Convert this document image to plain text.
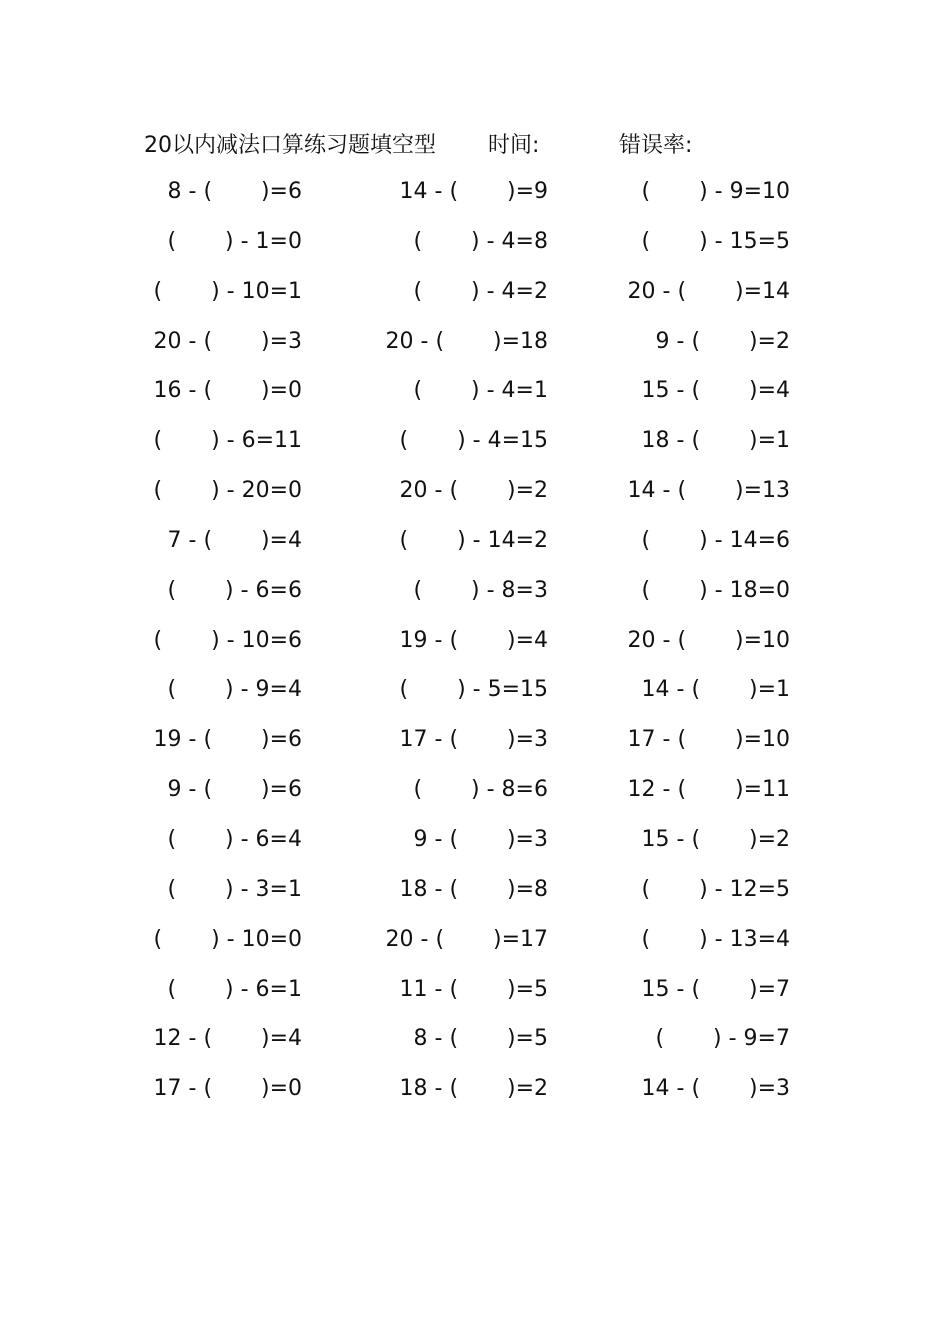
20以内减法口算练习题填空型 时间:	错误率:
8 - (       )=6	14 - (       )=9	(       ) - 9=10
(       ) - 1=0	(       ) - 4=8	(       ) - 15=5
(       ) - 10=1	(       ) - 4=2	20 - (       )=14
20 - (       )=3	20 - (       )=18	9 - (       )=2
16 - (       )=0	(       ) - 4=1	15 - (       )=4
(       ) - 6=11	(       ) - 4=15	18 - (       )=1
(       ) - 20=0	20 - (       )=2	14 - (       )=13
7 - (       )=4	(       ) - 14=2	(       ) - 14=6
(       ) - 6=6	(       ) - 8=3	(       ) - 18=0
(       ) - 10=6	19 - (       )=4	20 - (       )=10
(       ) - 9=4	(       ) - 5=15	14 - (       )=1
19 - (       )=6	17 - (       )=3	17 - (       )=10
9 - (       )=6	(       ) - 8=6	12 - (       )=11
(       ) - 6=4	9 - (       )=3	15 - (       )=2
(       ) - 3=1	18 - (       )=8	(       ) - 12=5
(       ) - 10=0	20 - (       )=17	(       ) - 13=4
(       ) - 6=1	11 - (       )=5	15 - (       )=7
12 - (       )=4	8 - (       )=5	(       ) - 9=7
17 - (       )=0	18 - (       )=2	14 - (       )=3
